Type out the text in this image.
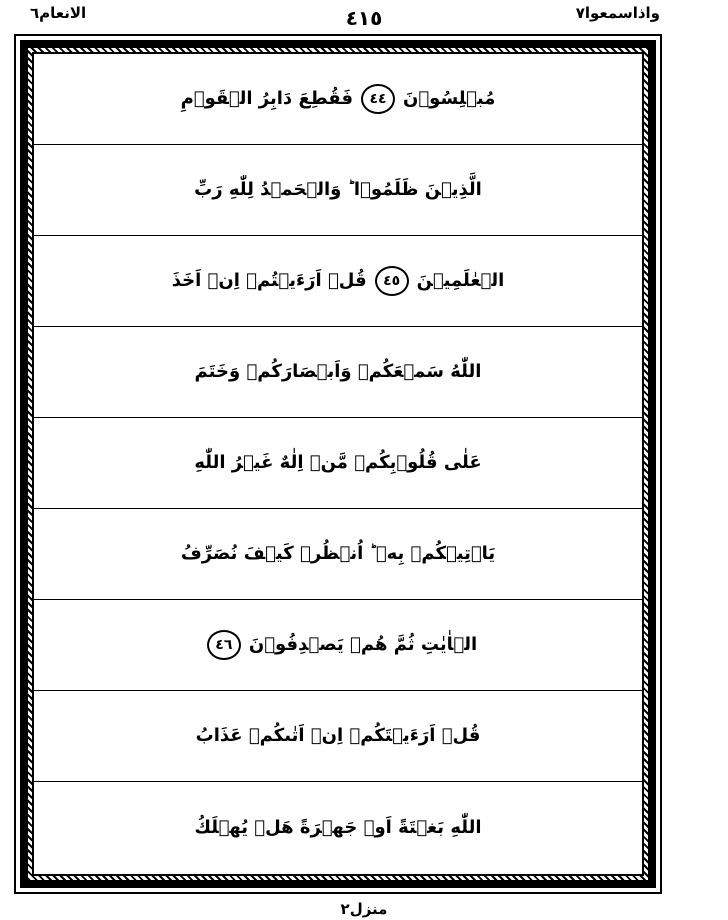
الانعام٦	٤١٥	واذاسمعوا٧
مُبۡلِسُوۡنَ
٤٤
فَقُطِعَ دَابِرُ الۡقَوۡمِ
الَّذِيۡنَ ظَلَمُوۡا ؕ وَالۡحَمۡدُ لِلّٰهِ رَبِّ
الۡعٰلَمِيۡنَ
٤٥
قُلۡ اَرَءَيۡتُمۡ اِنۡ اَخَذَ
اللّٰهُ سَمۡعَكُمۡ وَاَبۡصَارَكُمۡ وَخَتَمَ
عَلٰى قُلُوۡبِكُمۡ مَّنۡ اِلٰهٌ غَيۡرُ اللّٰهِ
يَاۡتِيۡكُمۡ بِهٖ ؕ اُنۡظُرۡ كَيۡفَ نُصَرِّفُ
الۡاٰيٰتِ ثُمَّ هُمۡ يَصۡدِفُوۡنَ
٤٦
قُلۡ اَرَءَيۡتَكُمۡ اِنۡ اَتٰٮكُمۡ عَذَابُ
اللّٰهِ بَغۡتَةً اَوۡ جَهۡرَةً هَلۡ يُهۡلَكُ
منزل٢
